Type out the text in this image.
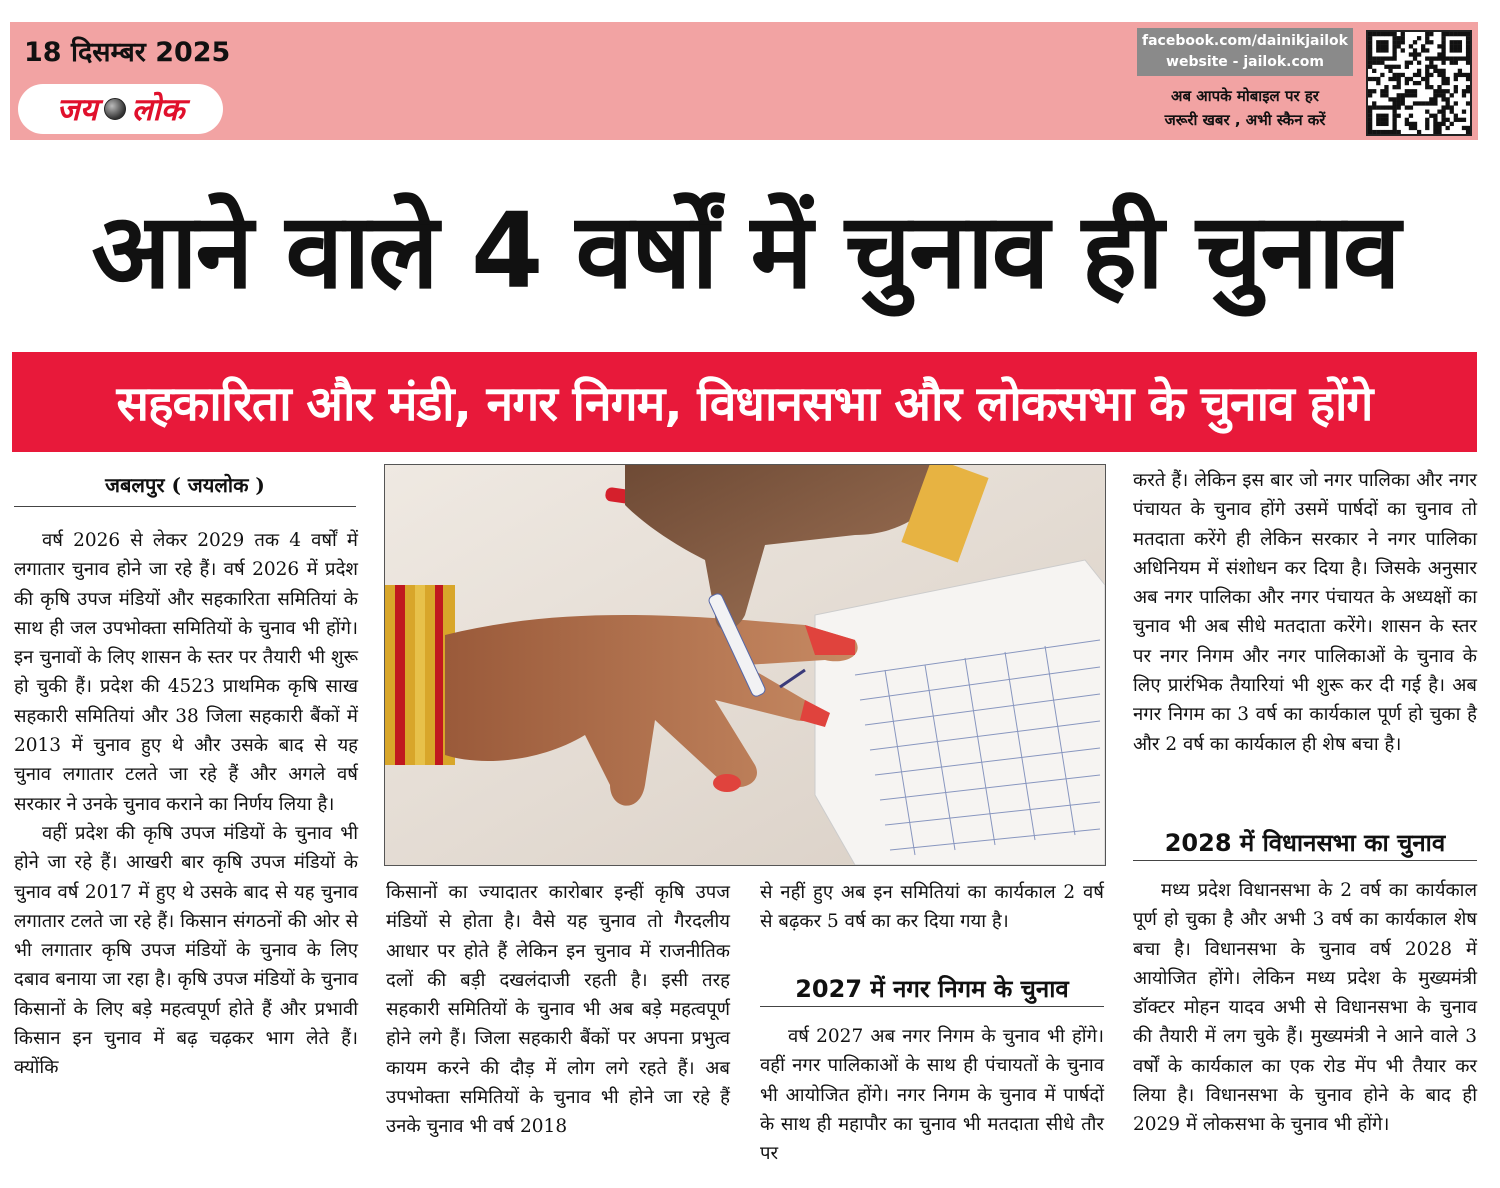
18 दिसम्बर 2025
जय लोक
facebook.com/dainikjailok
website - jailok.com
अब आपके मोबाइल पर हर
जरूरी खबर , अभी स्कैन करें
आने वाले 4 वर्षों में चुनाव ही चुनाव
सहकारिता और मंडी, नगर निगम, विधानसभा और लोकसभा के चुनाव होंगे
जबलपुर ( जयलोक )

वर्ष 2026 से लेकर 2029 तक 4 वर्षों में लगातार चुनाव होने जा रहे हैं। वर्ष 2026 में प्रदेश की कृषि उपज मंडियों और सहकारिता समितियां के साथ ही जल उपभोक्ता समितियों के चुनाव भी होंगे। इन चुनावों के लिए शासन के स्तर पर तैयारी भी शुरू हो चुकी हैं। प्रदेश की 4523 प्राथमिक कृषि साख सहकारी समितियां और 38 जिला सहकारी बैंकों में 2013 में चुनाव हुए थे और उसके बाद से यह चुनाव लगातार टलते जा रहे हैं और अगले वर्ष सरकार ने उनके चुनाव कराने का निर्णय लिया है।

वहीं प्रदेश की कृषि उपज मंडियों के चुनाव भी होने जा रहे हैं। आखरी बार कृषि उपज मंडियों के चुनाव वर्ष 2017 में हुए थे उसके बाद से यह चुनाव लगातार टलते जा रहे हैं। किसान संगठनों की ओर से भी लगातार कृषि उपज मंडियों के चुनाव के लिए दबाव बनाया जा रहा है। कृषि उपज मंडियों के चुनाव किसानों के लिए बड़े महत्वपूर्ण होते हैं और प्रभावी किसान इन चुनाव में बढ़ चढ़कर भाग लेते हैं। क्योंकि

किसानों का ज्यादातर कारोबार इन्हीं कृषि उपज मंडियों से होता है। वैसे यह चुनाव तो गैरदलीय आधार पर होते हैं लेकिन इन चुनाव में राजनीतिक दलों की बड़ी दखलंदाजी रहती है। इसी तरह सहकारी समितियों के चुनाव भी अब बड़े महत्वपूर्ण होने लगे हैं। जिला सहकारी बैंकों पर अपना प्रभुत्व कायम करने की दौड़ में लोग लगे रहते हैं। अब उपभोक्ता समितियों के चुनाव भी होने जा रहे हैं उनके चुनाव भी वर्ष 2018

से नहीं हुए अब इन समितियां का कार्यकाल 2 वर्ष से बढ़कर 5 वर्ष का कर दिया गया है।

2027 में नगर निगम के चुनाव

वर्ष 2027 अब नगर निगम के चुनाव भी होंगे। वहीं नगर पालिकाओं के साथ ही पंचायतों के चुनाव भी आयोजित होंगे। नगर निगम के चुनाव में पार्षदों के साथ ही महापौर का चुनाव भी मतदाता सीधे तौर पर

करते हैं। लेकिन इस बार जो नगर पालिका और नगर पंचायत के चुनाव होंगे उसमें पार्षदों का चुनाव तो मतदाता करेंगे ही लेकिन सरकार ने नगर पालिका अधिनियम में संशोधन कर दिया है। जिसके अनुसार अब नगर पालिका और नगर पंचायत के अध्यक्षों का चुनाव भी अब सीधे मतदाता करेंगे। शासन के स्तर पर नगर निगम और नगर पालिकाओं के चुनाव के लिए प्रारंभिक तैयारियां भी शुरू कर दी गई है। अब नगर निगम का 3 वर्ष का कार्यकाल पूर्ण हो चुका है और 2 वर्ष का कार्यकाल ही शेष बचा है।

2028 में विधानसभा का चुनाव

मध्य प्रदेश विधानसभा के 2 वर्ष का कार्यकाल पूर्ण हो चुका है और अभी 3 वर्ष का कार्यकाल शेष बचा है। विधानसभा के चुनाव वर्ष 2028 में आयोजित होंगे। लेकिन मध्य प्रदेश के मुख्यमंत्री डॉक्टर मोहन यादव अभी से विधानसभा के चुनाव की तैयारी में लग चुके हैं। मुख्यमंत्री ने आने वाले 3 वर्षों के कार्यकाल का एक रोड मेंप भी तैयार कर लिया है। विधानसभा के चुनाव होने के बाद ही 2029 में लोकसभा के चुनाव भी होंगे।
